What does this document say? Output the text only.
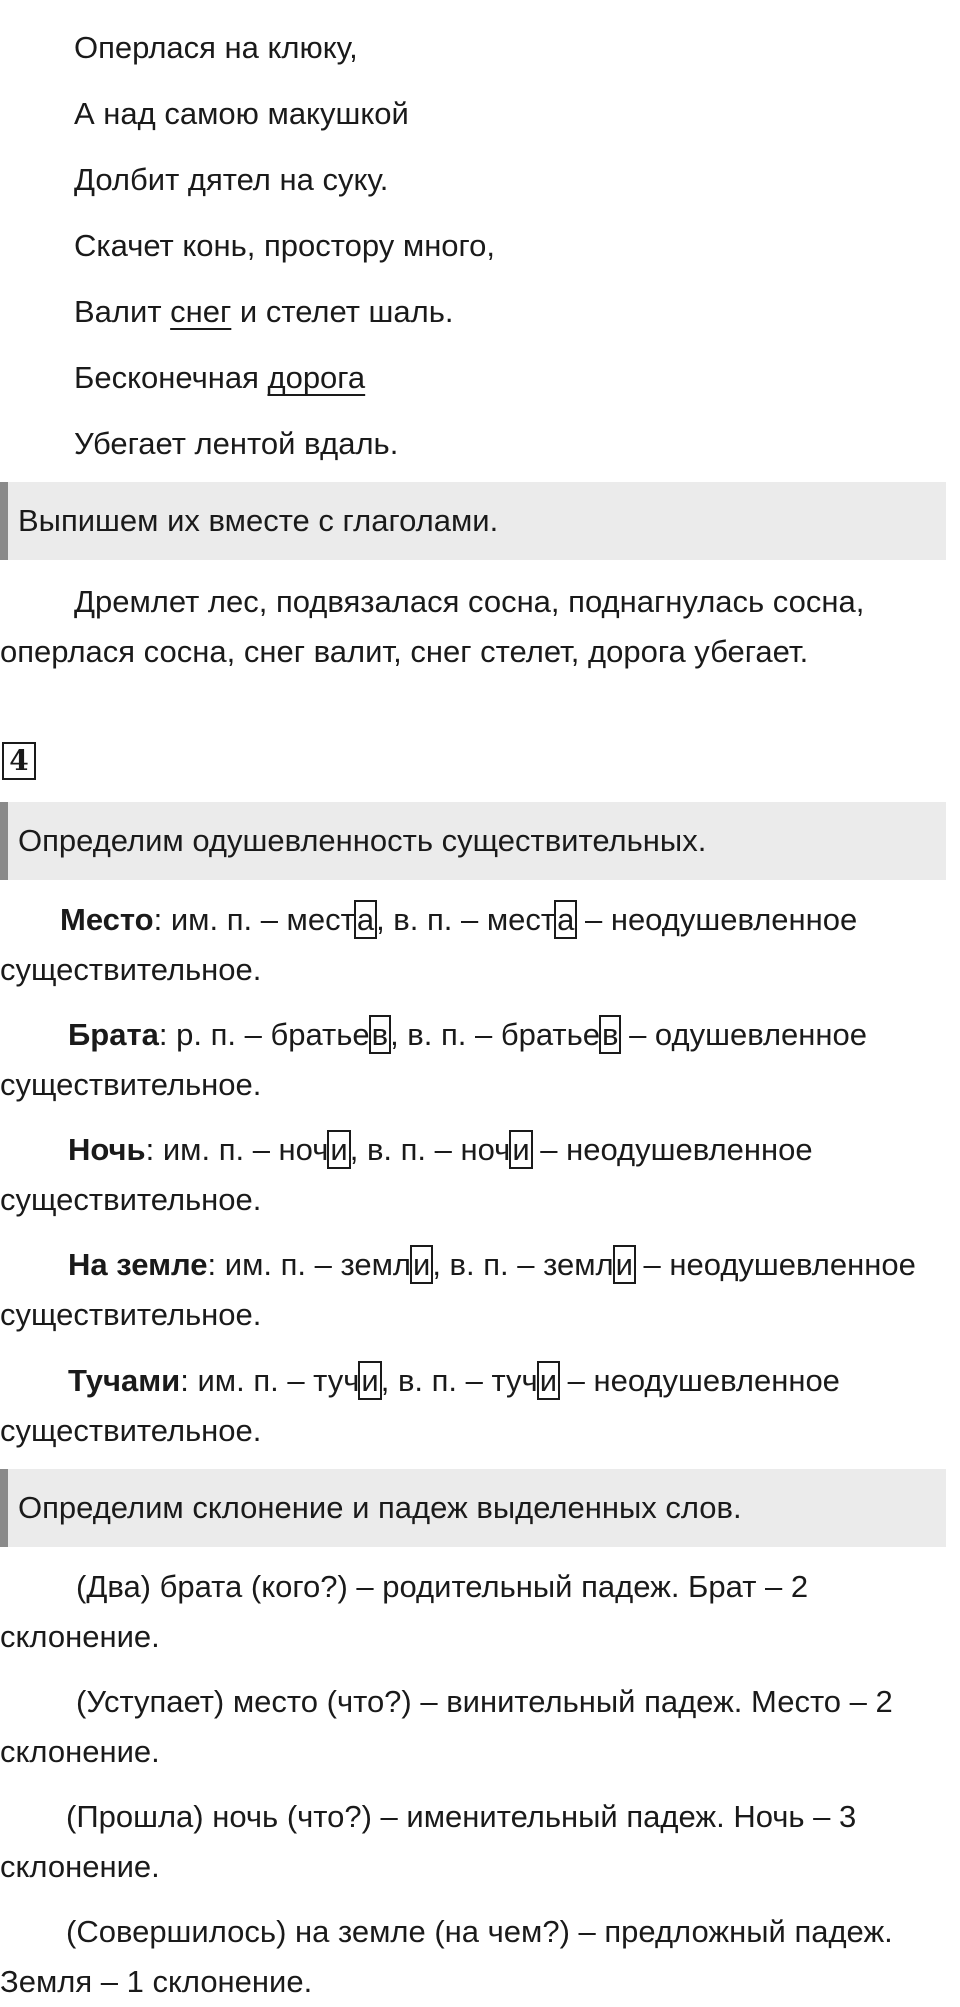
Оперлася на клюку,
А над самою макушкой
Долбит дятел на суку.
Скачет конь, простору много,
Валит снег и стелет шаль.
Бесконечная дорога
Убегает лентой вдаль.
Выпишем их вместе с глаголами.
Дремлет лес, подвязалася сосна, поднагнулась сосна, оперлася сосна, снег валит, снег стелет, дорога убегает.
4
Определим одушевленность существительных.
Место: им. п. – места, в. п. – места – неодушевленное существительное.
Брата: р. п. – братьев, в. п. – братьев – одушевленное существительное.
Ночь: им. п. – ночи, в. п. – ночи – неодушевленное существительное.
На земле: им. п. – земли, в. п. – земли – неодушевленное существительное.
Тучами: им. п. – тучи, в. п. – тучи – неодушевленное существительное.
Определим склонение и падеж выделенных слов.
(Два) брата (кого?) – родительный падеж. Брат – 2 склонение.
(Уступает) место (что?) – винительный падеж. Место – 2 склонение.
(Прошла) ночь (что?) – именительный падеж. Ночь – 3 склонение.
(Совершилось) на земле (на чем?) – предложный падеж. Земля – 1 склонение.
